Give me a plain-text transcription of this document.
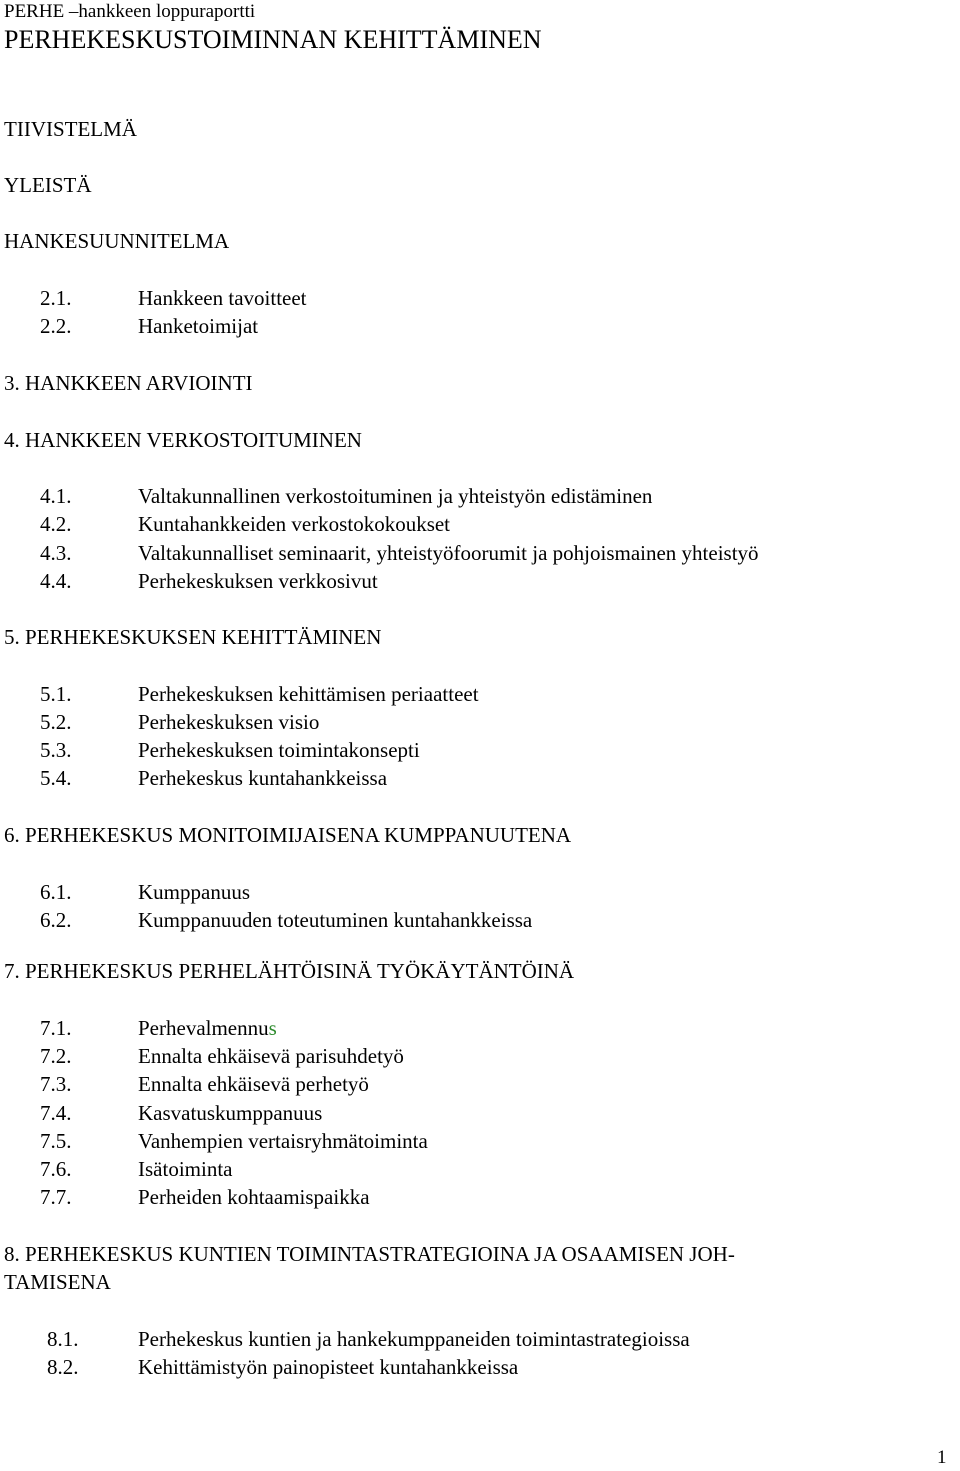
PERHE –hankkeen loppuraportti
PERHEKESKUSTOIMINNAN KEHITTÄMINEN
TIIVISTELMÄ
YLEISTÄ
HANKESUUNNITELMA
2.1.	Hankkeen tavoitteet
2.2.	Hanketoimijat
3. HANKKEEN ARVIOINTI
4. HANKKEEN VERKOSTOITUMINEN
4.1.	Valtakunnallinen verkostoituminen ja yhteistyön edistäminen
4.2.	Kuntahankkeiden verkostokokoukset
4.3.	Valtakunnalliset seminaarit, yhteistyöfoorumit ja pohjoismainen yhteistyö
4.4.	Perhekeskuksen verkkosivut
5. PERHEKESKUKSEN KEHITTÄMINEN
5.1.	Perhekeskuksen kehittämisen periaatteet
5.2.	Perhekeskuksen visio
5.3.	Perhekeskuksen toimintakonsepti
5.4.	Perhekeskus kuntahankkeissa
6. PERHEKESKUS MONITOIMIJAISENA KUMPPANUUTENA
6.1.	Kumppanuus
6.2.	Kumppanuuden toteutuminen kuntahankkeissa
7. PERHEKESKUS PERHELÄHTÖISINÄ TYÖKÄYTÄNTÖINÄ
7.1.	Perhevalmennus
7.2.	Ennalta ehkäisevä parisuhdetyö
7.3.	Ennalta ehkäisevä perhetyö
7.4.	Kasvatuskumppanuus
7.5.	Vanhempien vertaisryhmätoiminta
7.6.	Isätoiminta
7.7.	Perheiden kohtaamispaikka
8. PERHEKESKUS KUNTIEN TOIMINTASTRATEGIOINA JA OSAAMISEN JOH-
TAMISENA
8.1.	Perhekeskus kuntien ja hankekumppaneiden toimintastrategioissa
8.2.	Kehittämistyön painopisteet kuntahankkeissa
1
